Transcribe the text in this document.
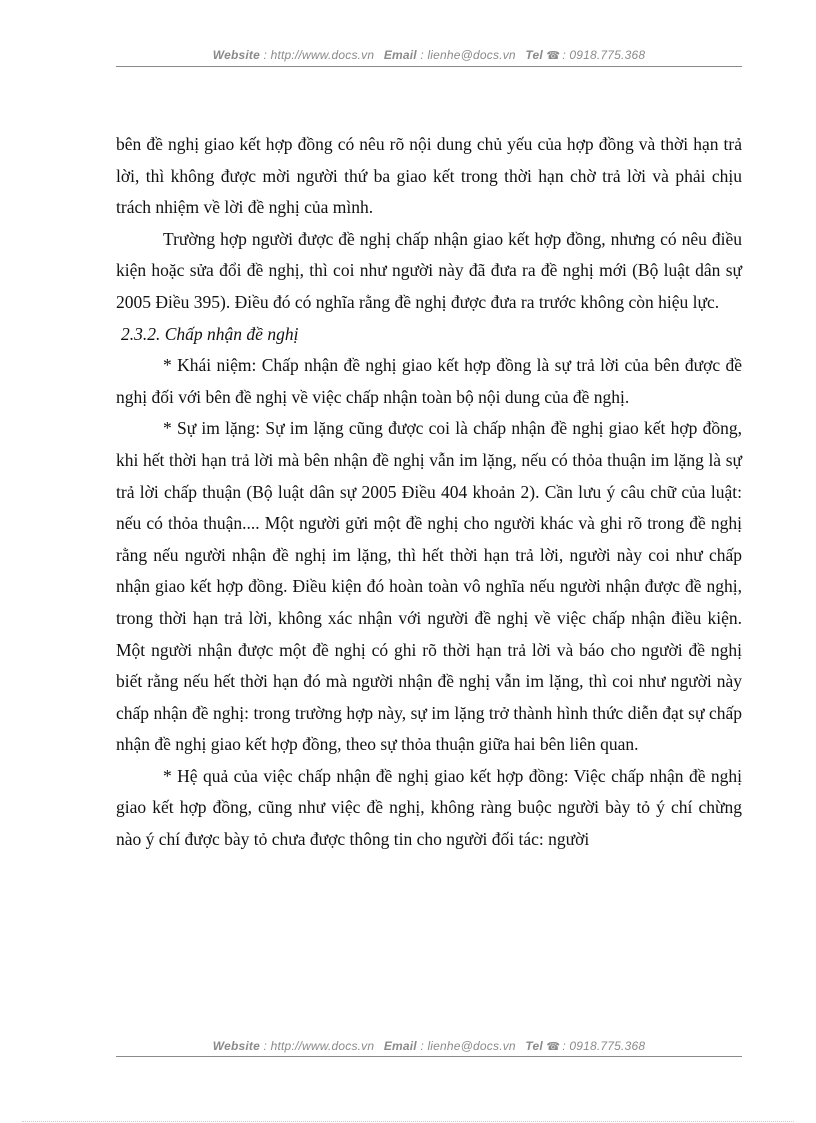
Website : http://www.docs.vn Email : lienhe@docs.vn Tel ☎ : 0918.775.368

bên đề nghị giao kết hợp đồng có nêu rõ nội dung chủ yếu của hợp đồng và thời hạn trả lời, thì không được mời người thứ ba giao kết trong thời hạn chờ trả lời và phải chịu trách nhiệm về lời đề nghị của mình.

Trường hợp người được đề nghị chấp nhận giao kết hợp đồng, nhưng có nêu điều kiện hoặc sửa đổi đề nghị, thì coi như người này đã đưa ra đề nghị mới (Bộ luật dân sự 2005 Điều 395). Điều đó có nghĩa rằng đề nghị được đưa ra trước không còn hiệu lực.

2.3.2. Chấp nhận đề nghị

* Khái niệm: Chấp nhận đề nghị giao kết hợp đồng là sự trả lời của bên được đề nghị đối với bên đề nghị về việc chấp nhận toàn bộ nội dung của đề nghị.

* Sự im lặng: Sự im lặng cũng được coi là chấp nhận đề nghị giao kết hợp đồng, khi hết thời hạn trả lời mà bên nhận đề nghị vẫn im lặng, nếu có thỏa thuận im lặng là sự trả lời chấp thuận (Bộ luật dân sự 2005 Điều 404 khoản 2). Cần lưu ý câu chữ của luật: nếu có thỏa thuận.... Một người gửi một đề nghị cho người khác và ghi rõ trong đề nghị rằng nếu người nhận đề nghị im lặng, thì hết thời hạn trả lời, người này coi như chấp nhận giao kết hợp đồng. Điều kiện đó hoàn toàn vô nghĩa nếu người nhận được đề nghị, trong thời hạn trả lời, không xác nhận với người đề nghị về việc chấp nhận điều kiện. Một người nhận được một đề nghị có ghi rõ thời hạn trả lời và báo cho người đề nghị biết rằng nếu hết thời hạn đó mà người nhận đề nghị vẫn im lặng, thì coi như người này chấp nhận đề nghị: trong trường hợp này, sự im lặng trở thành hình thức diễn đạt sự chấp nhận đề nghị giao kết hợp đồng, theo sự thỏa thuận giữa hai bên liên quan.

* Hệ quả của việc chấp nhận đề nghị giao kết hợp đồng: Việc chấp nhận đề nghị giao kết hợp đồng, cũng như việc đề nghị, không ràng buộc người bày tỏ ý chí chừng nào ý chí được bày tỏ chưa được thông tin cho người đối tác: người

Website : http://www.docs.vn Email : lienhe@docs.vn Tel ☎ : 0918.775.368
